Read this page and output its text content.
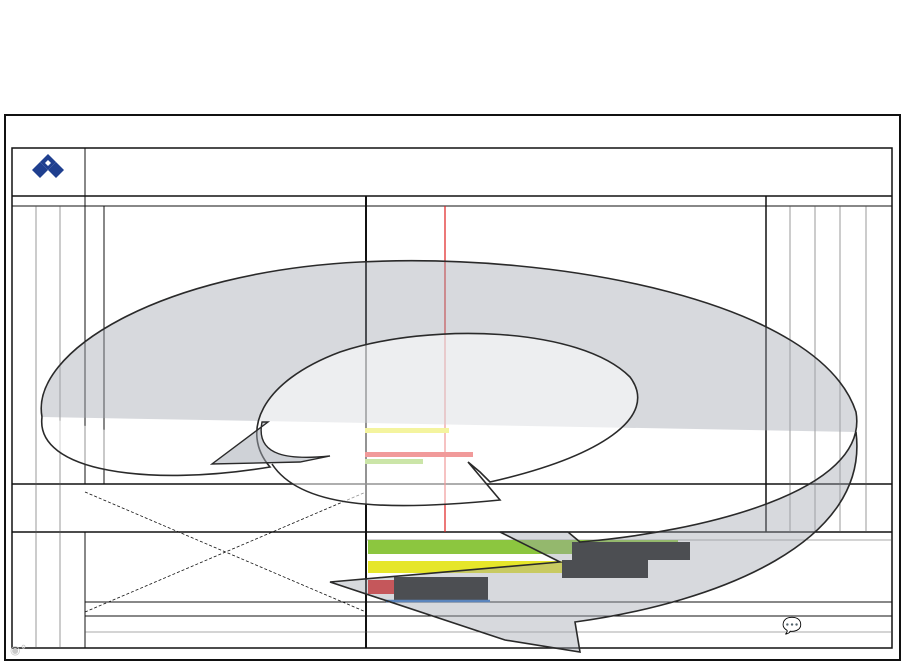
◉°
💬
